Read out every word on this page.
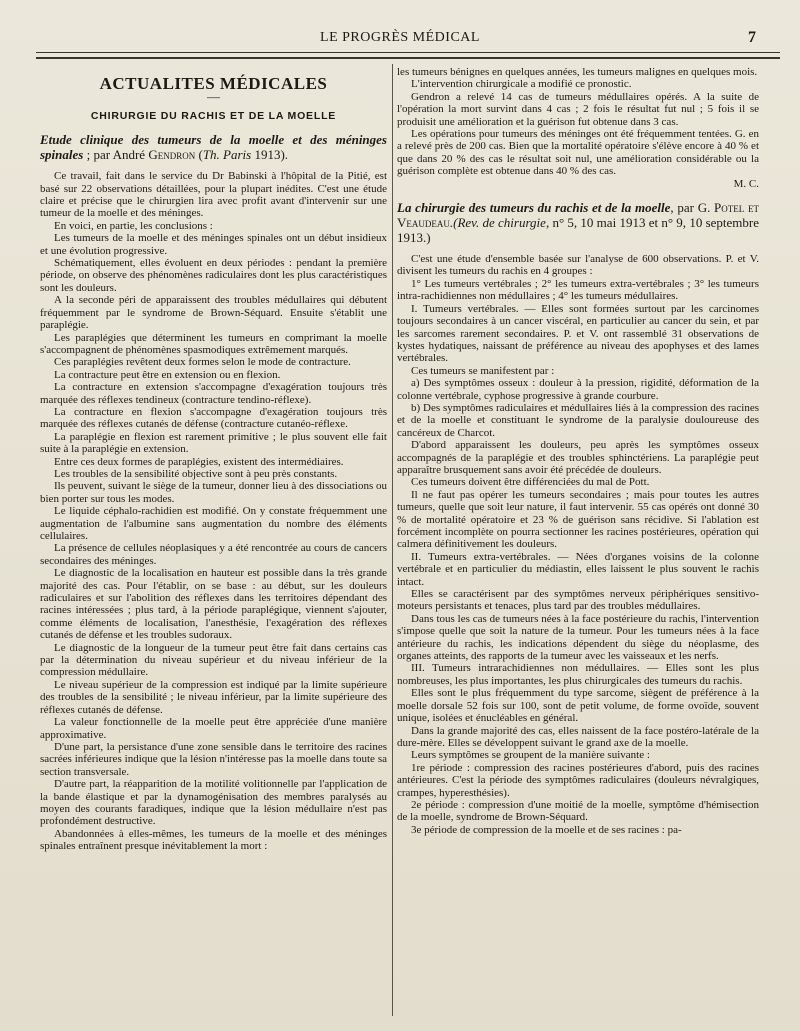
LE PROGRÈS MÉDICAL	7
ACTUALITES MÉDICALES
—
CHIRURGIE DU RACHIS ET DE LA MOELLE

Etude clinique des tumeurs de la moelle et des méninges spinales ; par André Gendron (Th. Paris 1913).

Ce travail, fait dans le service du Dr Babinski à l'hôpital de la Pitié, est basé sur 22 observations détaillées, pour la plupart inédites. C'est une étude claire et précise que le chirurgien lira avec profit avant d'intervenir sur une tumeur de la moelle et des méninges.

En voici, en partie, les conclusions :

Les tumeurs de la moelle et des méninges spinales ont un début insidieux et une évolution progressive.

Schématiquement, elles évoluent en deux périodes : pendant la première période, on observe des phénomènes radiculaires dont les plus caractéristiques sont les douleurs.

A la seconde péri de apparaissent des troubles médullaires qui débutent fréquemment par le syndrome de Brown-Séquard. Ensuite s'établit une paraplégie.

Les paraplégies que déterminent les tumeurs en comprimant la moelle s'accompagnent de phénomènes spasmodiques extrêmement marqués.

Ces paraplégies revêtent deux formes selon le mode de contracture.

La contracture peut être en extension ou en flexion.

La contracture en extension s'accompagne d'exagération toujours très marquée des réflexes tendineux (contracture tendino-réflexe).

La contracture en flexion s'accompagne d'exagération toujours très marquée des réflexes cutanés de défense (contracture cutanéo-réflexe.

La paraplégie en flexion est rarement primitive ; le plus souvent elle fait suite à la paraplégie en extension.

Entre ces deux formes de paraplégies, existent des intermédiaires.

Les troubles de la sensibilité objective sont à peu près constants.

Ils peuvent, suivant le siège de la tumeur, donner lieu à des dissociations ou bien porter sur tous les modes.

Le liquide céphalo-rachidien est modifié. On y constate fréquemment une augmentation de l'albumine sans augmentation du nombre des éléments cellulaires.

La présence de cellules néoplasiques y a été rencontrée au cours de cancers secondaires des méninges.

Le diagnostic de la localisation en hauteur est possible dans la très grande majorité des cas. Pour l'établir, on se base : au début, sur les douleurs radiculaires et sur l'abolition des réflexes dans les territoires dépendant des racines intéressées ; plus tard, à la période paraplégique, viennent s'ajouter, comme éléments de localisation, l'anesthésie, l'exagération des réflexes cutanés de défense et les troubles sudoraux.

Le diagnostic de la longueur de la tumeur peut être fait dans certains cas par la détermination du niveau supérieur et du niveau inférieur de la compression médullaire.

Le niveau supérieur de la compression est indiqué par la limite supérieure des troubles de la sensibilité ; le niveau inférieur, par la limite supérieure des réflexes cutanés de défense.

La valeur fonctionnelle de la moelle peut être appréciée d'une manière approximative.

D'une part, la persistance d'une zone sensible dans le territoire des racines sacrées inférieures indique que la lésion n'intéresse pas la moelle dans toute sa section transversale.

D'autre part, la réapparition de la motilité volitionnelle par l'application de la bande élastique et par la dynamogénisation des membres paralysés au moyen des courants faradiques, indique que la lésion médullaire n'est pas profondément destructive.

Abandonnées à elles-mêmes, les tumeurs de la moelle et des méninges spinales entraînent presque inévitablement la mort :

les tumeurs bénignes en quelques années, les tumeurs malignes en quelques mois.

L'intervention chirurgicale a modifié ce pronostic.

Gendron a relevé 14 cas de tumeurs médullaires opérés. A la suite de l'opération la mort survint dans 4 cas ; 2 fois le résultat fut nul ; 5 fois il se produisit une amélioration et la guérison fut obtenue dans 3 cas.

Les opérations pour tumeurs des méninges ont été fréquemment tentées. G. en a relevé près de 200 cas. Bien que la mortalité opératoire s'élève encore à 40 % et que dans 20 % des cas le résultat soit nul, une amélioration considérable ou la guérison complète est obtenue dans 40 % des cas.

M. C.

La chirurgie des tumeurs du rachis et de la moelle, par G. Potel et Veaudeau.(Rev. de chirurgie, n° 5, 10 mai 1913 et n° 9, 10 septembre 1913.)

C'est une étude d'ensemble basée sur l'analyse de 600 observations. P. et V. divisent les tumeurs du rachis en 4 groupes :

1° Les tumeurs vertébrales ; 2° les tumeurs extra-vertébrales ; 3° les tumeurs intra-rachidiennes non médullaires ; 4° les tumeurs médullaires.

I. Tumeurs vertébrales. — Elles sont formées surtout par les carcinomes toujours secondaires à un cancer viscéral, en particulier au cancer du sein, et par les sarcomes rarement secondaires. P. et V. ont rassemblé 31 observations de kystes hydatiques, naissant de préférence au niveau des apophyses et des lames vertébrales.

Ces tumeurs se manifestent par :

a) Des symptômes osseux : douleur à la pression, rigidité, déformation de la colonne vertébrale, cyphose progressive à grande courbure.

b) Des symptômes radiculaires et médullaires liés à la compression des racines et de la moelle et constituant le syndrome de la paralysie douloureuse des cancéreux de Charcot.

D'abord apparaissent les douleurs, peu après les symptômes osseux accompagnés de la paraplégie et des troubles sphinctériens. La paraplégie peut apparaître brusquement sans avoir été précédée de douleurs.

Ces tumeurs doivent être différenciées du mal de Pott.

Il ne faut pas opérer les tumeurs secondaires ; mais pour toutes les autres tumeurs, quelle que soit leur nature, il faut intervenir. 55 cas opérés ont donné 30 % de mortalité opératoire et 23 % de guérison sans récidive. Si l'ablation est forcément incomplète on pourra sectionner les racines postérieures, opération qui calmera définitivement les douleurs.

II. Tumeurs extra-vertébrales. — Nées d'organes voisins de la colonne vertébrale et en particulier du médiastin, elles laissent le plus souvent le rachis intact.

Elles se caractérisent par des symptômes nerveux périphériques sensitivo-moteurs persistants et tenaces, plus tard par des troubles médullaires.

Dans tous les cas de tumeurs nées à la face postérieure du rachis, l'intervention s'impose quelle que soit la nature de la tumeur. Pour les tumeurs nées à la face antérieure du rachis, les indications dépendent du siège du néoplasme, des organes atteints, des rapports de la tumeur avec les vaisseaux et les nerfs.

III. Tumeurs intrarachidiennes non médullaires. — Elles sont les plus nombreuses, les plus importantes, les plus chirurgicales des tumeurs du rachis.

Elles sont le plus fréquemment du type sarcome, siègent de préférence à la moelle dorsale 52 fois sur 100, sont de petit volume, de forme ovoïde, souvent unique, isolées et énucléables en général.

Dans la grande majorité des cas, elles naissent de la face postéro-latérale de la dure-mère. Elles se développent suivant le grand axe de la moelle.

Leurs symptômes se groupent de la manière suivante :

1re période : compression des racines postérieures d'abord, puis des racines antérieures. C'est la période des symptômes radiculaires (douleurs névralgiques, crampes, hyperesthésies).

2e période : compression d'une moitié de la moelle, symptôme d'hémisection de la moelle, syndrome de Brown-Séquard.

3e période de compression de la moelle et de ses racines : pa-
